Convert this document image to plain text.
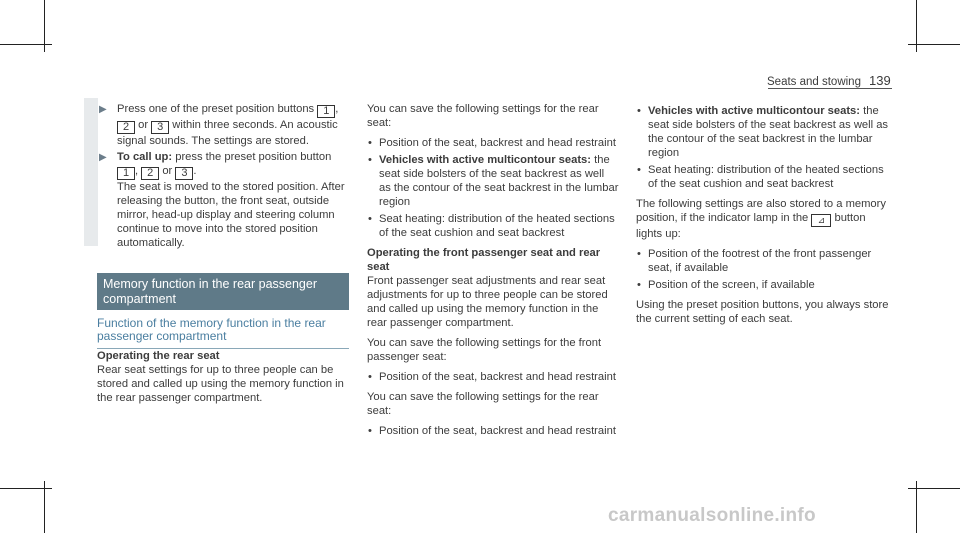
Seats and stowing 139
▶ Press one of the preset position buttons 1 , 2 or 3 within three seconds. An acoustic signal sounds. The settings are stored.
▶ To call up: press the preset position button
1 , 2 or 3 .
The seat is moved to the stored position. After releasing the button, the front seat, outside mirror, head-up display and steering column continue to move into the stored position automatically.
Memory function in the rear passenger compartment
Function of the memory function in the rear passenger compartment
Operating the rear seat
Rear seat settings for up to three people can be stored and called up using the memory function in the rear passenger compartment.
You can save the following settings for the rear seat:
• Position of the seat, backrest and head restraint
• Vehicles with active multicontour seats: the seat side bolsters of the seat backrest as well as the contour of the seat backrest in the lumbar region
• Seat heating: distribution of the heated sections of the seat cushion and seat backrest
Operating the front passenger seat and rear seat
Front passenger seat adjustments and rear seat adjustments for up to three people can be stored and called up using the memory function in the rear passenger compartment.
You can save the following settings for the front passenger seat:
• Position of the seat, backrest and head restraint
You can save the following settings for the rear seat:
• Position of the seat, backrest and head restraint
• Vehicles with active multicontour seats: the seat side bolsters of the seat backrest as well as the contour of the seat backrest in the lumbar region
• Seat heating: distribution of the heated sections of the seat cushion and seat backrest
The following settings are also stored to a memory position, if the indicator lamp in the ⊿ button lights up:
• Position of the footrest of the front passenger seat, if available
• Position of the screen, if available
Using the preset position buttons, you always store the current setting of each seat.
carmanualsonline.info
